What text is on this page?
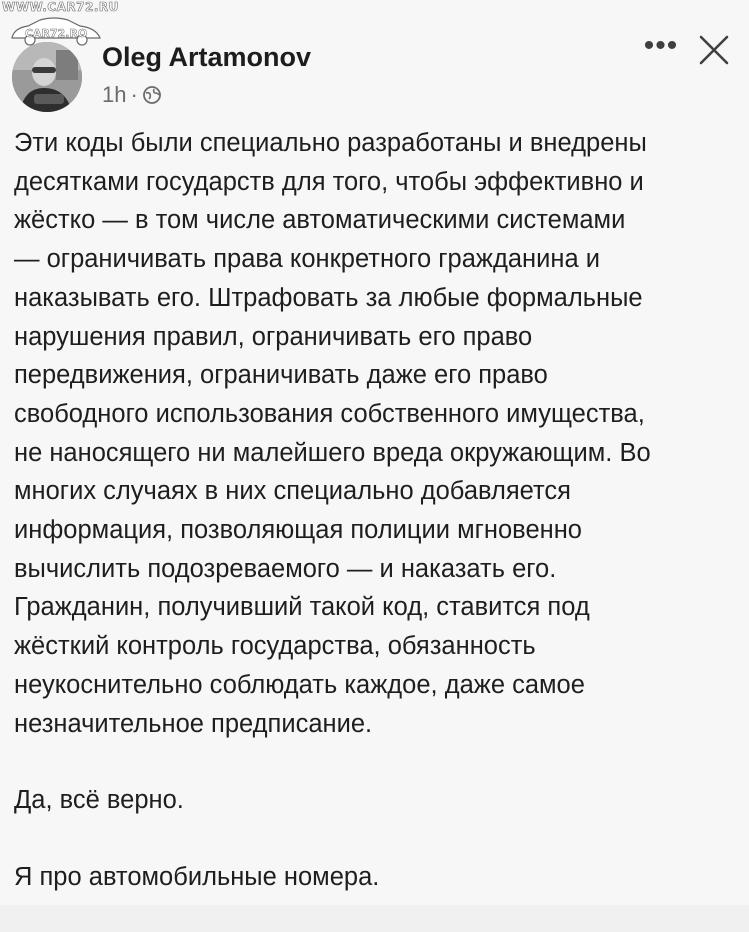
WWW.CAR72.RU
CAR72.RO
Oleg Artamonov
1h ·
•••
Эти коды были специально разработаны и внедрены
десятками государств для того, чтобы эффективно и
жёстко — в том числе автоматическими системами
— ограничивать права конкретного гражданина и
наказывать его. Штрафовать за любые формальные
нарушения правил, ограничивать его право
передвижения, ограничивать даже его право
свободного использования собственного имущества,
не наносящего ни малейшего вреда окружающим. Во
многих случаях в них специально добавляется
информация, позволяющая полиции мгновенно
вычислить подозреваемого — и наказать его.
Гражданин, получивший такой код, ставится под
жёсткий контроль государства, обязанность
неукоснительно соблюдать каждое, даже самое
незначительное предписание.
Да, всё верно.
Я про автомобильные номера.
